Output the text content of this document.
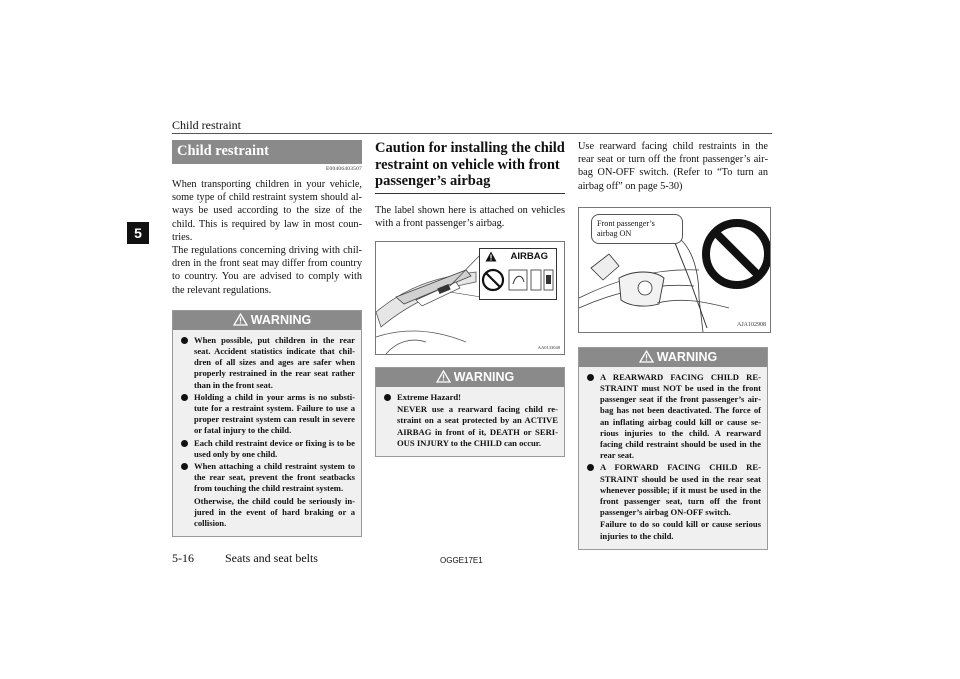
Child restraint
5
Child restraint
E00406403507

When transporting children in your vehicle, some type of child restraint system should always be used according to the size of the child. This is required by law in most countries.

The regulations concerning driving with children in the front seat may differ from country to country. You are advised to comply with the relevant regulations.

WARNING
When possible, put children in the rear seat. Accident statistics indicate that children of all sizes and ages are safer when properly restrained in the rear seat rather than in the front seat.
Holding a child in your arms is no substitute for a restraint system. Failure to use a proper restraint system can result in severe or fatal injury to the child.
Each child restraint device or fixing is to be used only by one child.
When attaching a child restraint system to the rear seat, prevent the front seatbacks from touching the child restraint system.
Otherwise, the child could be seriously injured in the event of hard braking or a collision.
Caution for installing the child restraint on vehicle with front passenger’s airbag

The label shown here is attached on vehicles with a front passenger’s airbag.

AIRBAG
AA0133048
WARNING
Extreme Hazard!
NEVER use a rearward facing child restraint on a seat protected by an ACTIVE AIRBAG in front of it, DEATH or SERIOUS INJURY to the CHILD can occur.

Use rearward facing child restraints in the rear seat or turn off the front passenger’s airbag ON-OFF switch. (Refer to “To turn an airbag off” on page 5-30)

Front passenger’s airbag ON
AJA102908
WARNING
A REARWARD FACING CHILD RESTRAINT must NOT be used in the front passenger seat if the front passenger’s airbag has not been deactivated. The force of an inflating airbag could kill or cause serious injuries to the child. A rearward facing child restraint should be used in the rear seat.
A FORWARD FACING CHILD RESTRAINT should be used in the rear seat whenever possible; if it must be used in the front passenger seat, turn off the front passenger’s airbag ON-OFF switch.
Failure to do so could kill or cause serious injuries to the child.
5-16	Seats and seat belts	OGGE17E1
